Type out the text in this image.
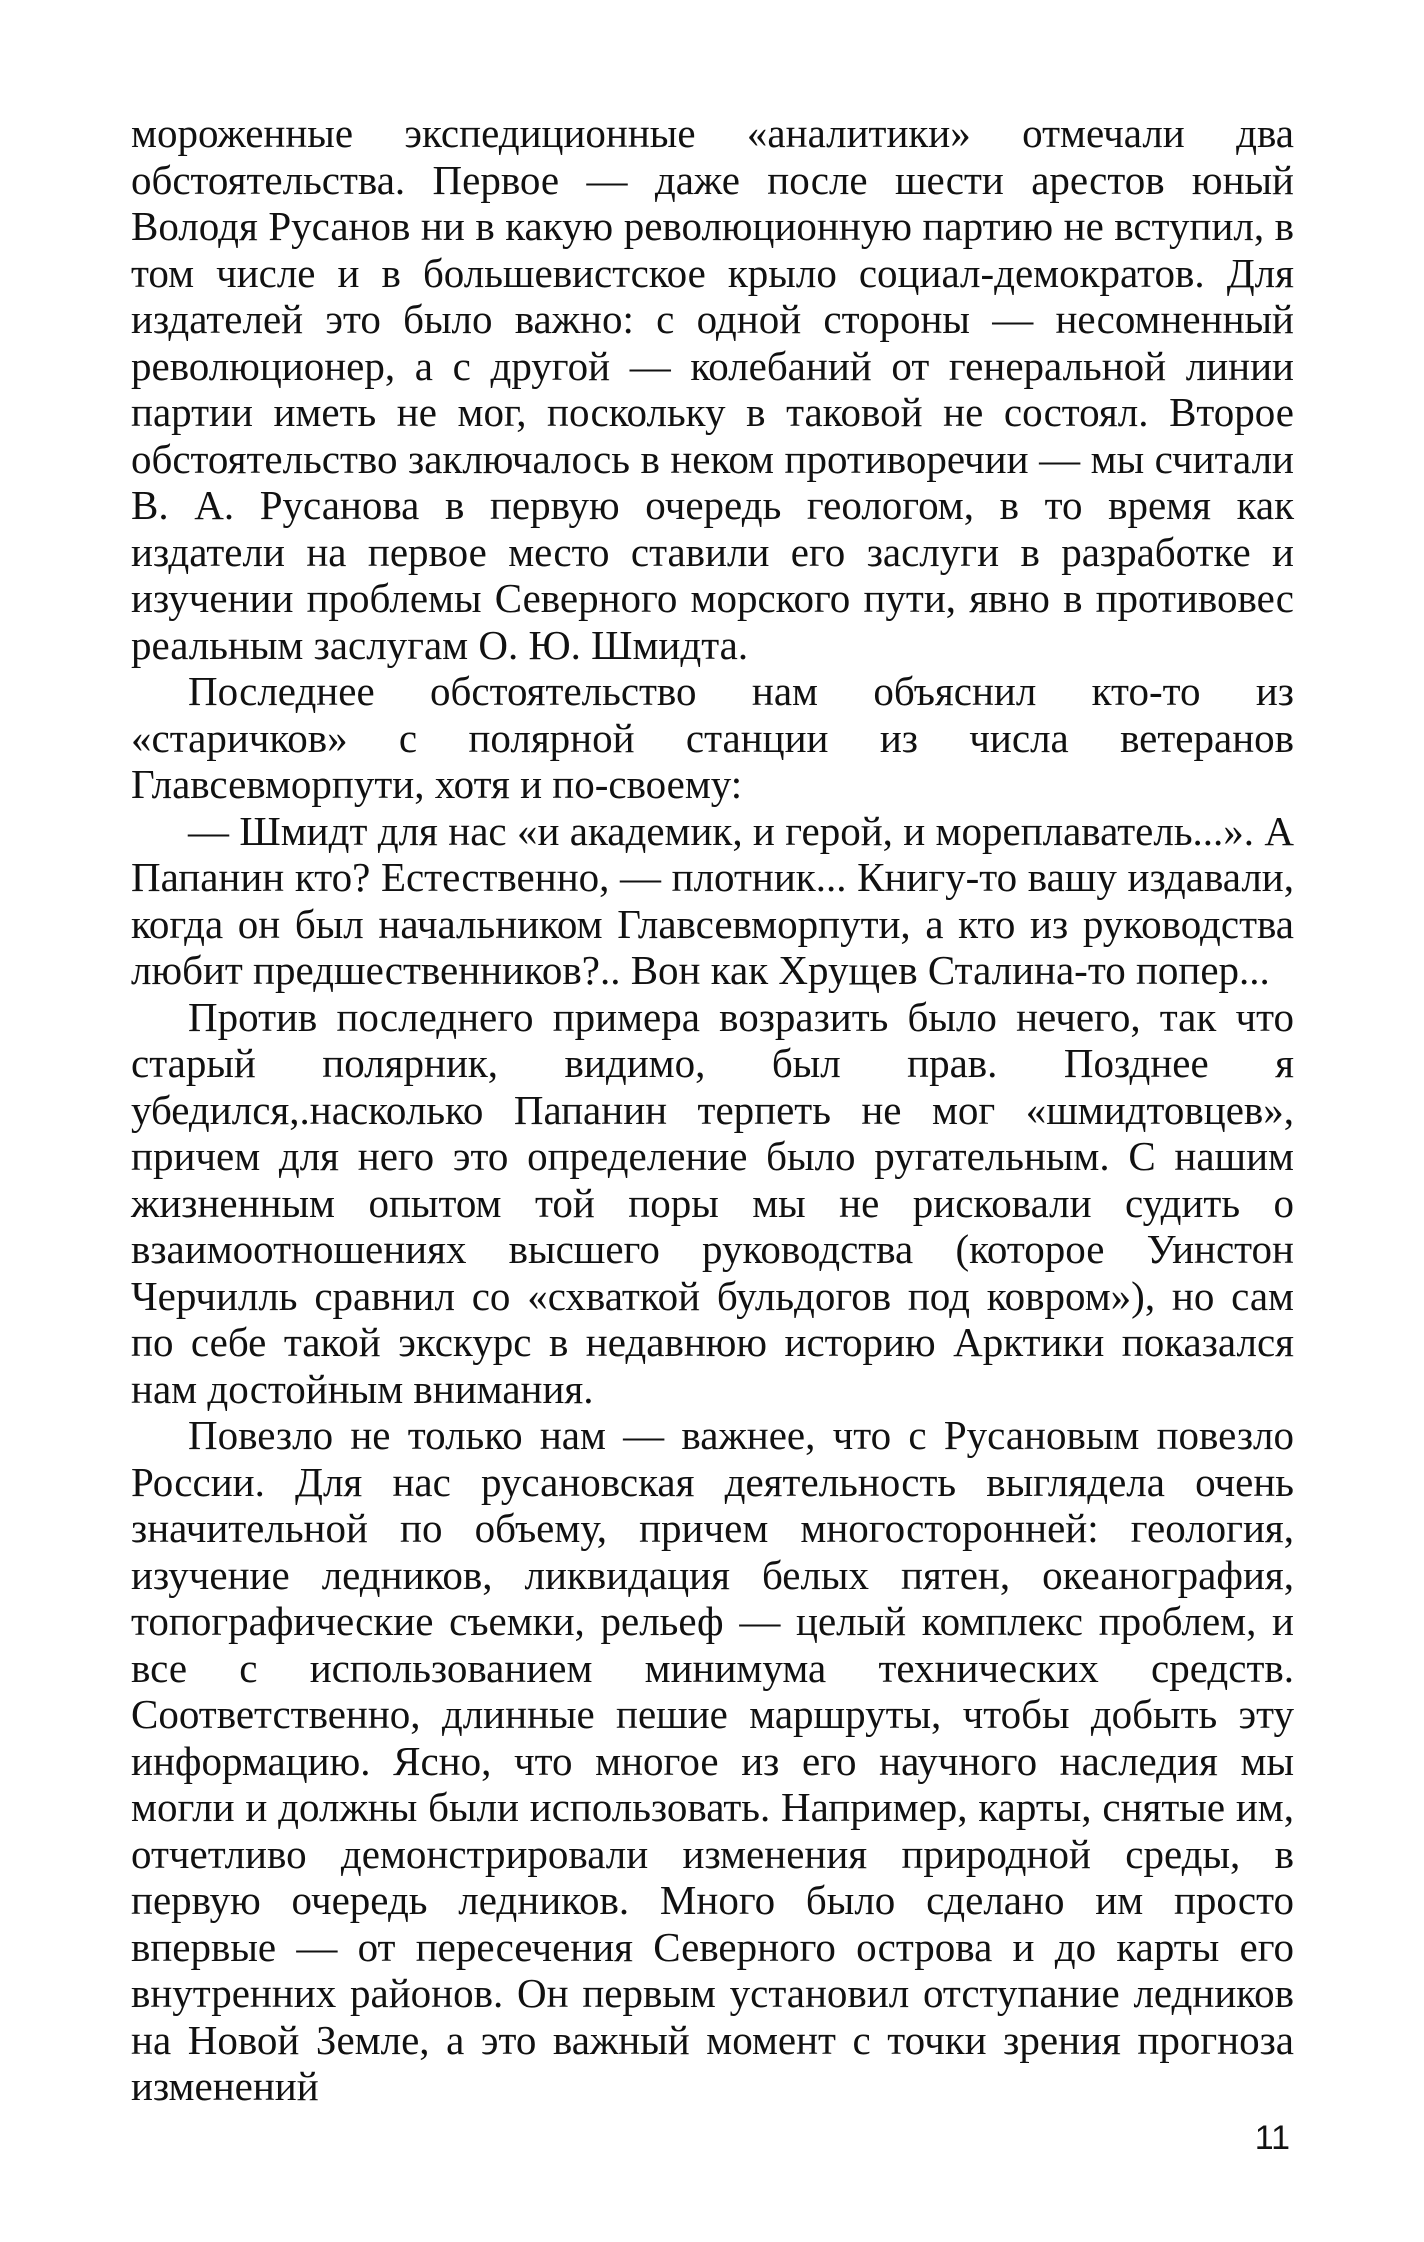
мороженные экспедиционные «аналитики» отмечали два обстоятельства. Первое — даже после шести арестов юный Володя Русанов ни в какую революционную партию не вступил, в том числе и в большевистское крыло социал-демократов. Для издателей это было важно: с одной стороны — несомненный революционер, а с другой — колебаний от генеральной линии партии иметь не мог, поскольку в таковой не состоял. Второе обстоятельство заключалось в неком противоречии — мы считали В. А. Русанова в первую очередь геологом, в то время как издатели на первое место ставили его заслуги в разработке и изучении проблемы Северного морского пути, явно в противовес реальным заслугам О. Ю. Шмидта.

Последнее обстоятельство нам объяснил кто-то из «старичков» с полярной станции из числа ветеранов Главсевморпути, хотя и по-своему:

— Шмидт для нас «и академик, и герой, и мореплаватель...». А Папанин кто? Естественно, — плотник... Книгу-то вашу издавали, когда он был начальником Главсевморпути, а кто из руководства любит предшественников?.. Вон как Хрущев Сталина-то попер...

Против последнего примера возразить было нечего, так что старый полярник, видимо, был прав. Позднее я убедился,.насколько Папанин терпеть не мог «шмидтовцев», причем для него это определение было ругательным. С нашим жизненным опытом той поры мы не рисковали судить о взаимоотношениях высшего руководства (которое Уинстон Черчилль сравнил со «схваткой бульдогов под ковром»), но сам по себе такой экскурс в недавнюю историю Арктики показался нам достойным внимания.

Повезло не только нам — важнее, что с Русановым повезло России. Для нас русановская деятельность выглядела очень значительной по объему, причем многосторонней: геология, изучение ледников, ликвидация белых пятен, океанография, топографические съемки, рельеф — целый комплекс проблем, и все с использованием минимума технических средств. Соответственно, длинные пешие маршруты, чтобы добыть эту информацию. Ясно, что многое из его научного наследия мы могли и должны были использовать. Например, карты, снятые им, отчетливо демонстрировали изменения природной среды, в первую очередь ледников. Много было сделано им просто впервые — от пересечения Северного острова и до карты его внутренних районов. Он первым установил отступание ледников на Новой Земле, а это важный момент с точки зрения прогноза изменений

11
